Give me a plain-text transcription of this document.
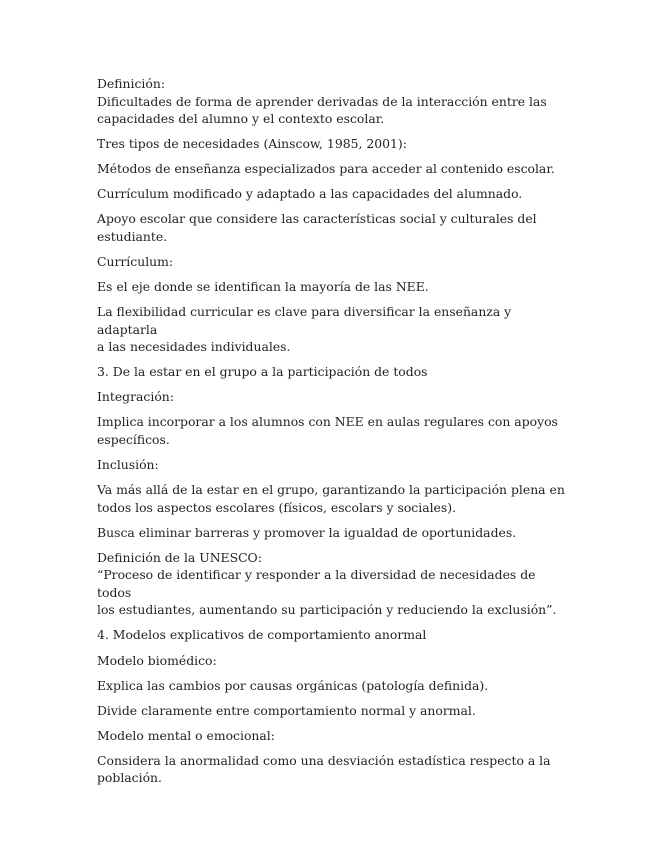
Definición:
Dificultades de forma de aprender derivadas de la interacción entre las
capacidades del alumno y el contexto escolar.
Tres tipos de necesidades (Ainscow, 1985, 2001):
Métodos de enseñanza especializados para acceder al contenido escolar.
Currículum modificado y adaptado a las capacidades del alumnado.
Apoyo escolar que considere las características social y culturales del
estudiante.
Currículum:
Es el eje donde se identifican la mayoría de las NEE.
La flexibilidad curricular es clave para diversificar la enseñanza y adaptarla
a las necesidades individuales.
3. De la estar en el grupo a la participación de todos
Integración:
Implica incorporar a los alumnos con NEE en aulas regulares con apoyos
específicos.
Inclusión:
Va más allá de la estar en el grupo, garantizando la participación plena en
todos los aspectos escolares (físicos, escolars y sociales).
Busca eliminar barreras y promover la igualdad de oportunidades.
Definición de la UNESCO:
“Proceso de identificar y responder a la diversidad de necesidades de todos
los estudiantes, aumentando su participación y reduciendo la exclusión”.
4. Modelos explicativos de comportamiento anormal
Modelo biomédico:
Explica las cambios por causas orgánicas (patología definida).
Divide claramente entre comportamiento normal y anormal.
Modelo mental o emocional:
Considera la anormalidad como una desviación estadística respecto a la
población.
